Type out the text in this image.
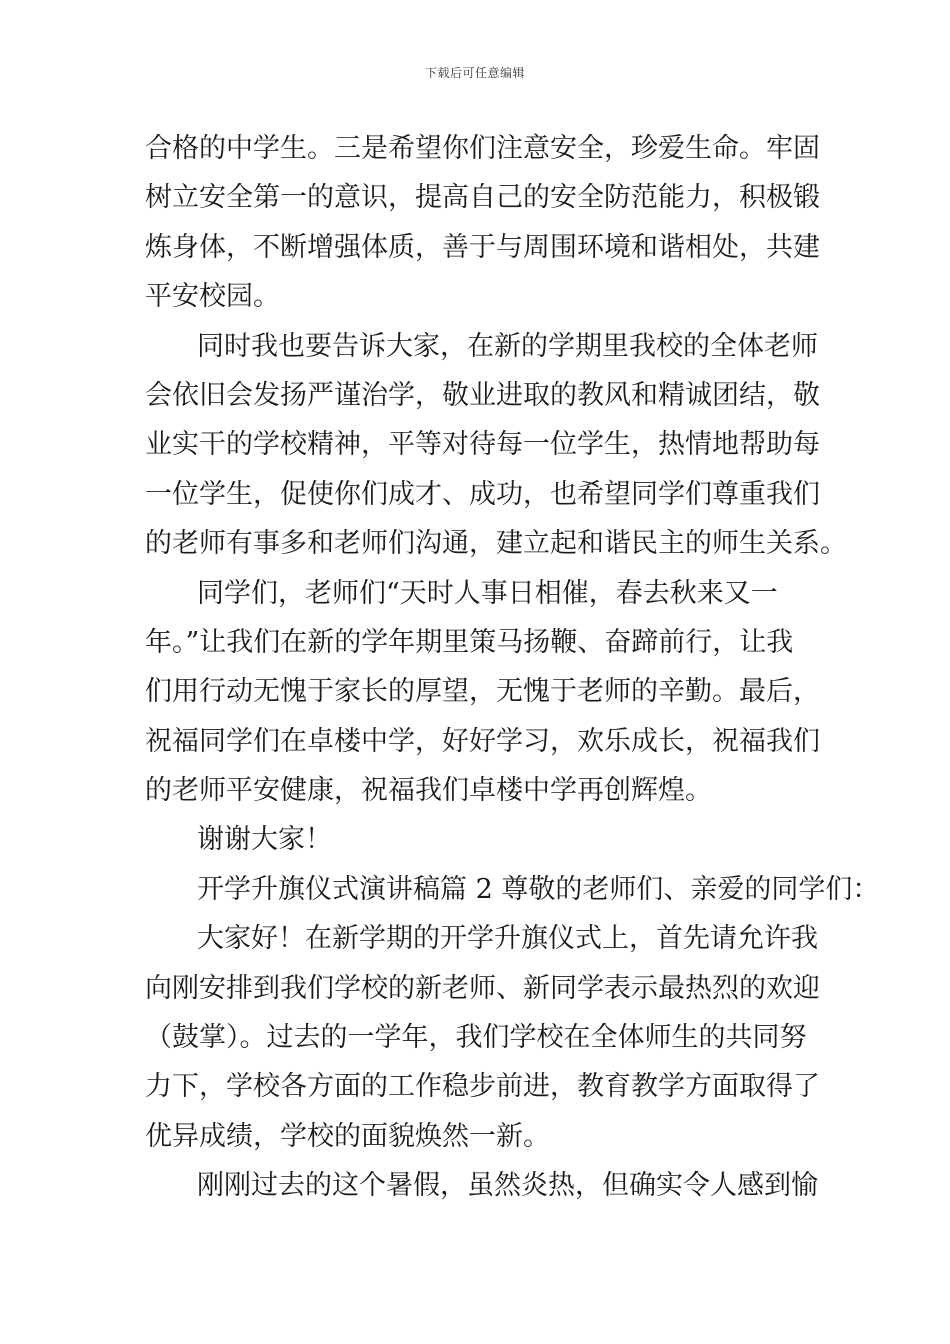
下载后可任意编辑
合格的中学生。三是希望你们注意安全，珍爱生命。牢固
树立安全第一的意识，提高自己的安全防范能力，积极锻
炼身体，不断增强体质，善于与周围环境和谐相处，共建
平安校园。
同时我也要告诉大家，在新的学期里我校的全体老师
会依旧会发扬严谨治学，敬业进取的教风和精诚团结，敬
业实干的学校精神，平等对待每一位学生，热情地帮助每
一位学生，促使你们成才、成功，也希望同学们尊重我们
的老师有事多和老师们沟通，建立起和谐民主的师生关系。
同学们，老师们“天时人事日相催，春去秋来又一
年。”让我们在新的学年期里策马扬鞭、奋蹄前行，让我
们用行动无愧于家长的厚望，无愧于老师的辛勤。最后，
祝福同学们在卓楼中学，好好学习，欢乐成长，祝福我们
的老师平安健康，祝福我们卓楼中学再创辉煌。
谢谢大家！
开学升旗仪式演讲稿篇 2 尊敬的老师们、亲爱的同学们：
大家好！在新学期的开学升旗仪式上，首先请允许我
向刚安排到我们学校的新老师、新同学表示最热烈的欢迎
（鼓掌）。过去的一学年，我们学校在全体师生的共同努
力下，学校各方面的工作稳步前进，教育教学方面取得了
优异成绩，学校的面貌焕然一新。
刚刚过去的这个暑假，虽然炎热，但确实令人感到愉
